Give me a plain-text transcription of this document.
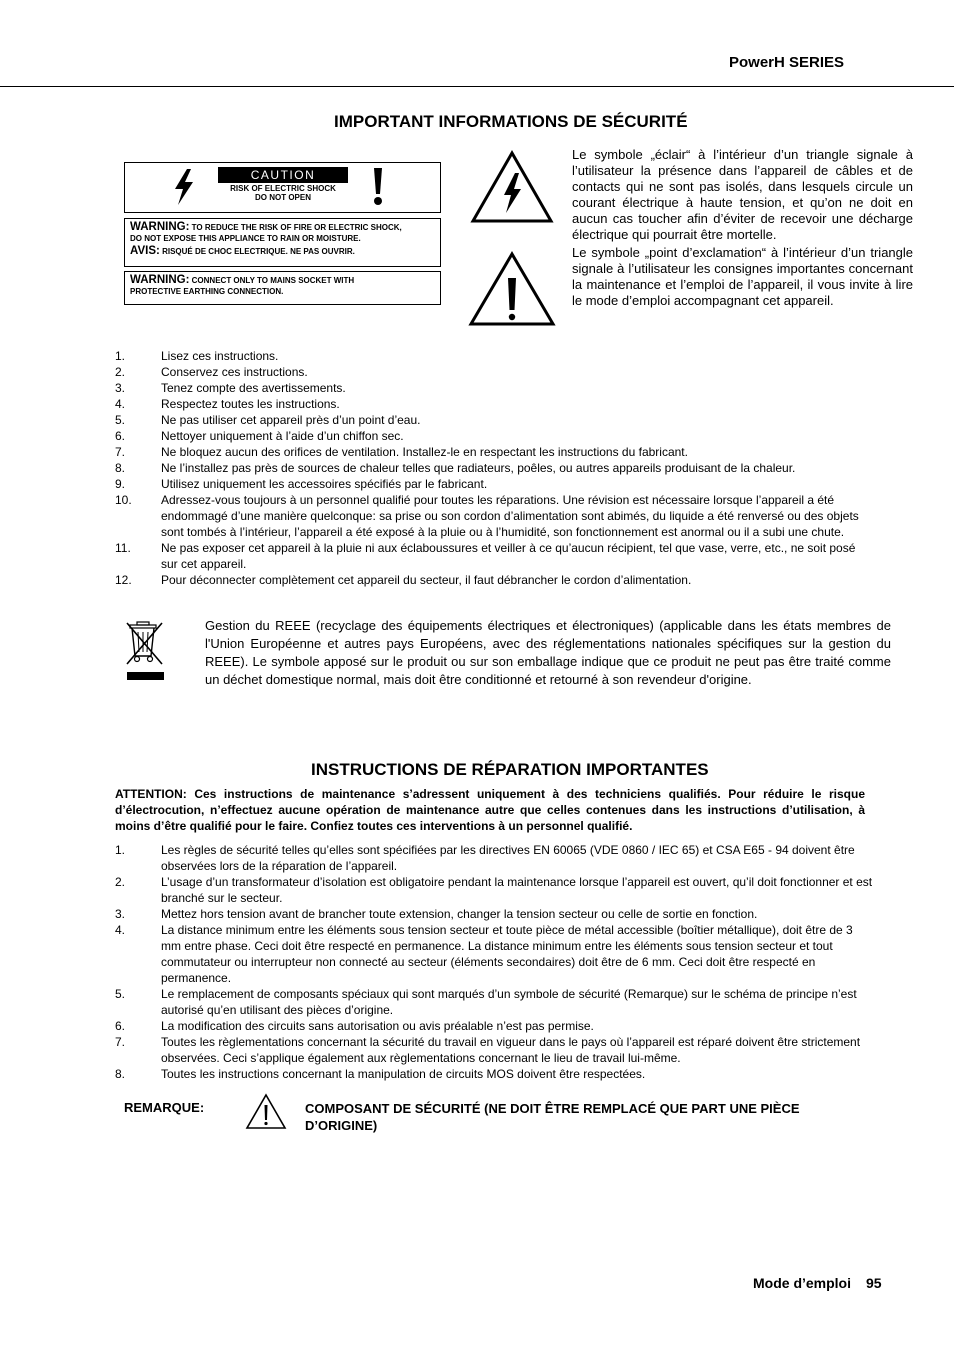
PowerH SERIES
IMPORTANT INFORMATIONS DE SÉCURITÉ
CAUTION
RISK OF ELECTRIC SHOCK
DO NOT OPEN
WARNING: TO REDUCE THE RISK OF FIRE OR ELECTRIC SHOCK,
DO NOT EXPOSE THIS APPLIANCE TO RAIN OR MOISTURE.
AVIS: RISQUÉ DE CHOC ELECTRIQUE. NE PAS OUVRIR.
WARNING: CONNECT ONLY TO MAINS SOCKET WITH
PROTECTIVE EARTHING CONNECTION.

Le symbole „éclair“ à l’intérieur d’un triangle signale à l’utilisateur la présence dans l’appareil de câbles et de contacts qui ne sont pas isolés, dans lesquels circule un courant électrique à haute tension, et qu’on ne doit en aucun cas toucher afin d’éviter de recevoir une décharge électrique qui pourrait être mortelle.

Le symbole „point d’exclamation“ à l’intérieur d’un triangle signale à l’utilisateur les consignes importantes concernant la maintenance et l’emploi de l’appareil, il vous invite à lire le mode d’emploi accompagnant cet appareil.

1.	Lisez ces instructions.
2.	Conservez ces instructions.
3.	Tenez compte des avertissements.
4.	Respectez toutes les instructions.
5.	Ne pas utiliser cet appareil près d’un point d’eau.
6.	Nettoyer uniquement à l’aide d’un chiffon sec.
7.	Ne bloquez aucun des orifices de ventilation. Installez-le en respectant les instructions du fabricant.
8.	Ne l’installez pas près de sources de chaleur telles que radiateurs, poêles, ou autres appareils produisant de la chaleur.
9.	Utilisez uniquement les accessoires spécifiés par le fabricant.
10. Adressez-vous toujours à un personnel qualifié pour toutes les réparations. Une révision est nécessaire lorsque l’appareil a été endommagé d’une manière quelconque: sa prise ou son cordon d’alimentation sont abimés, du liquide a été renversé ou des objets sont tombés à l’intérieur, l’appareil a été exposé à la pluie ou à l’humidité, son fonctionnement est anormal ou il a subi une chute.
11.	Ne pas exposer cet appareil à la pluie ni aux éclaboussures et veiller à ce qu’aucun récipient, tel que vase, verre, etc., ne soit posé sur cet appareil.
12. Pour déconnecter complètement cet appareil du secteur, il faut débrancher le cordon d’alimentation.
Gestion du REEE (recyclage des équipements électriques et électroniques) (applicable dans les états membres de l'Union Européenne et autres pays Européens, avec des réglementations nationales spécifiques sur la gestion du REEE). Le symbole apposé sur le produit ou sur son emballage indique que ce produit ne peut pas être traité comme un déchet domestique normal, mais doit être conditionné et retourné à son revendeur d'origine.
INSTRUCTIONS DE RÉPARATION IMPORTANTES
ATTENTION: Ces instructions de maintenance s’adressent uniquement à des techniciens qualifiés. Pour réduire le risque d’électrocution, n’effectuez aucune opération de maintenance autre que celles contenues dans les instructions d’utilisation, à moins d’être qualifié pour le faire. Confiez toutes ces interventions à un personnel qualifié.
1.	Les règles de sécurité telles qu’elles sont spécifiées par les directives EN 60065 (VDE 0860 / IEC 65) et CSA E65 - 94 doivent être observées lors de la réparation de l’appareil.
2.	L’usage d’un transformateur d’isolation est obligatoire pendant la maintenance lorsque l’appareil est ouvert, qu’il doit fonctionner et est branché sur le secteur.
3.	Mettez hors tension avant de brancher toute extension, changer la tension secteur ou celle de sortie en fonction.
4.	La distance minimum entre les éléments sous tension secteur et toute pièce de métal accessible (boîtier métallique), doit être de 3 mm entre phase. Ceci doit être respecté en permanence. La distance minimum entre les éléments sous tension secteur et tout commutateur ou interrupteur non connecté au secteur (éléments secondaires) doit être de 6 mm. Ceci doit être respecté en permanence.
5.	Le remplacement de composants spéciaux qui sont marqués d’un symbole de sécurité (Remarque) sur le schéma de principe n’est autorisé qu’en utilisant des pièces d’origine.
6.	La modification des circuits sans autorisation ou avis préalable n’est pas permise.
7.	Toutes les règlementations concernant la sécurité du travail en vigueur dans le pays où l’appareil est réparé doivent être strictement observées. Ceci s’applique également aux règlementations concernant le lieu de travail lui-même.
8.	Toutes les instructions concernant la manipulation de circuits MOS doivent être respectées.
REMARQUE:	COMPOSANT DE SÉCURITÉ (NE DOIT ÊTRE REMPLACÉ QUE PART UNE PIÈCE D’ORIGINE)
Mode d’emploi 95
